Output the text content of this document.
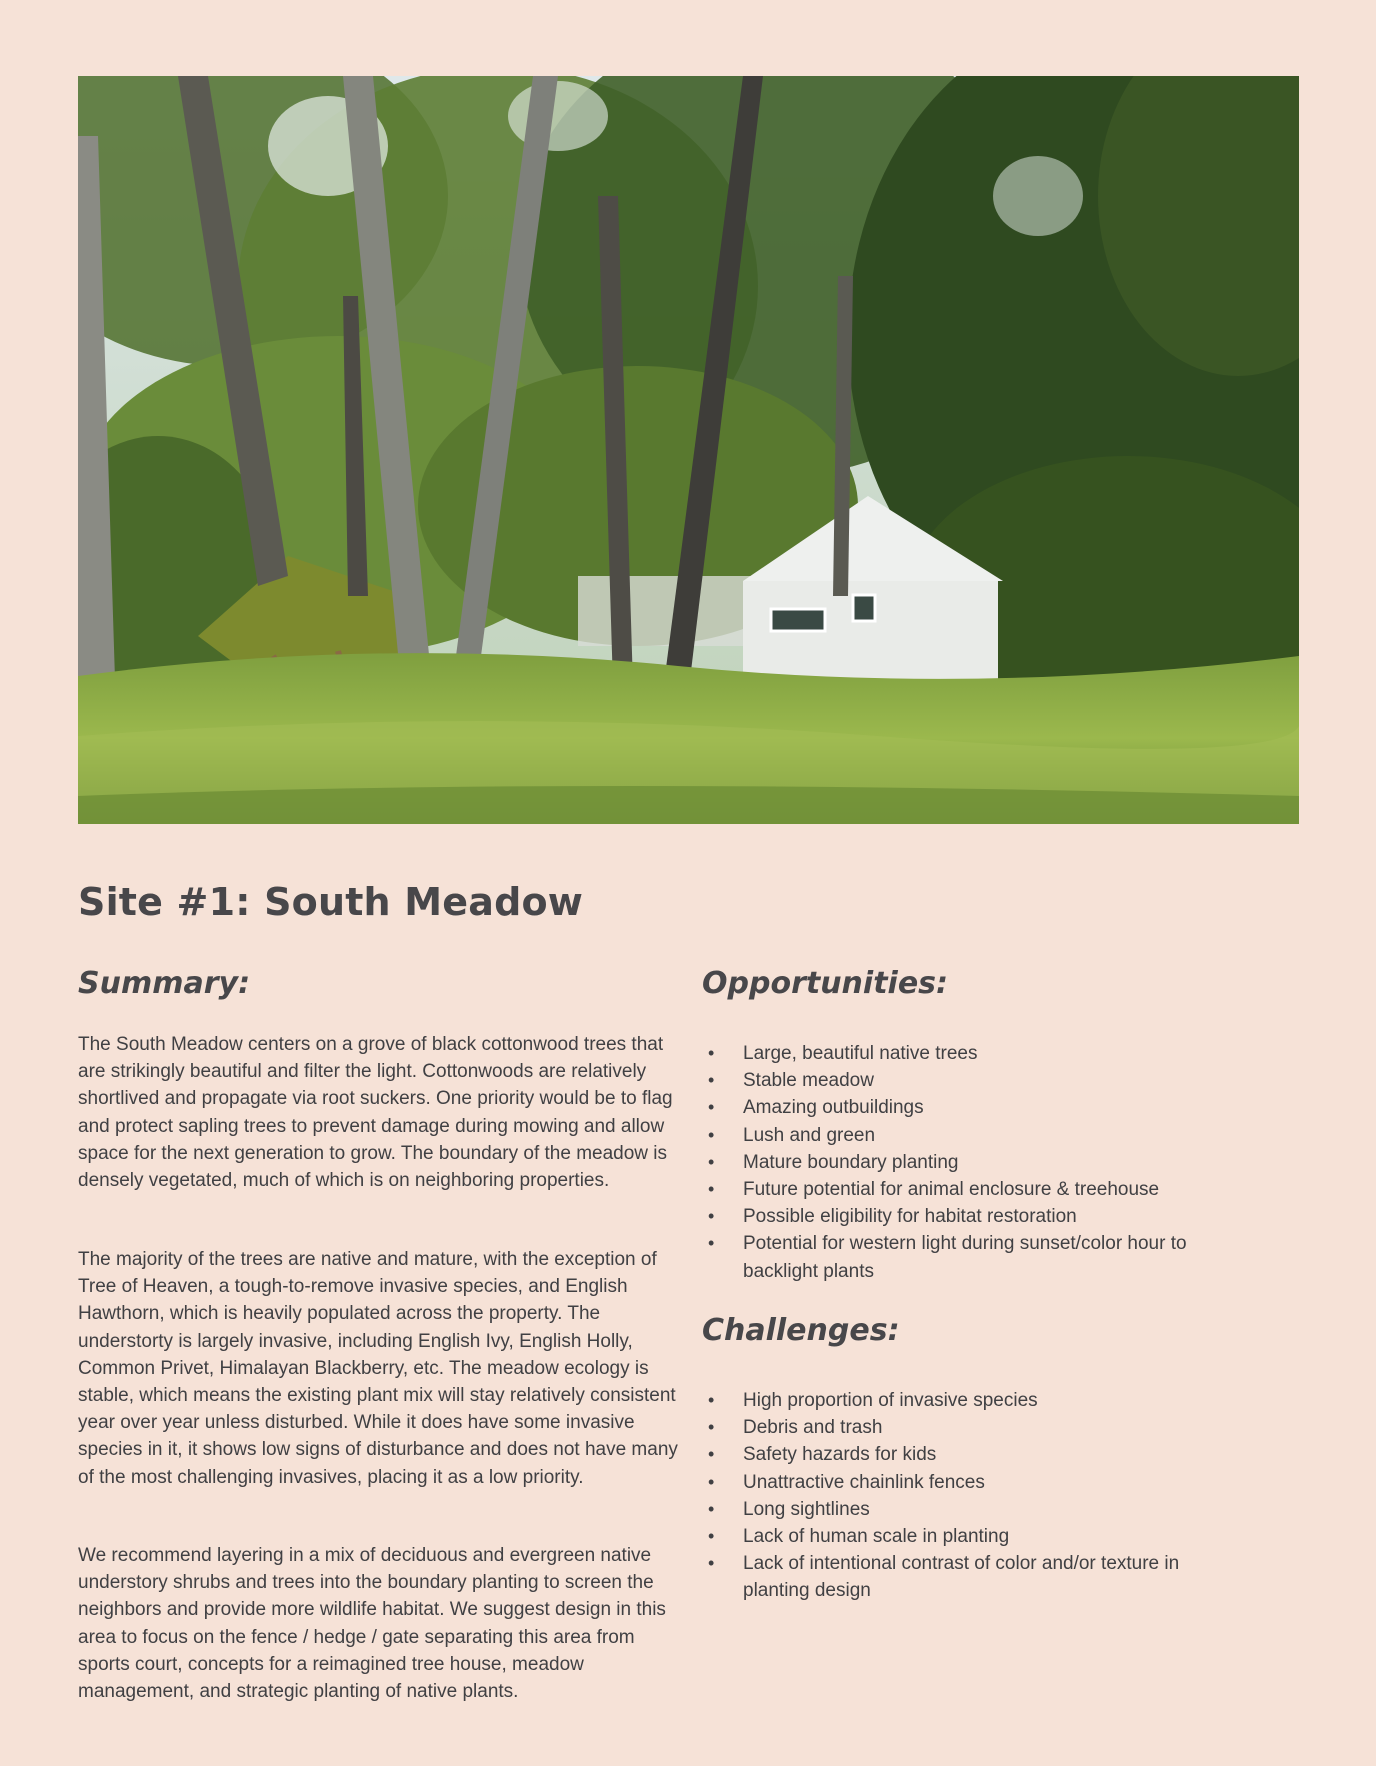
Site #1: South Meadow
Summary:

The South Meadow centers on a grove of black cottonwood trees that are strikingly beautiful and filter the light. Cottonwoods are relatively shortlived and propagate via root suckers. One priority would be to flag and protect sapling trees to prevent damage during mowing and allow space for the next generation to grow. The boundary of the meadow is densely vegetated, much of which is on neighboring properties.

The majority of the trees are native and mature, with the exception of Tree of Heaven, a tough-to-remove invasive species, and English Hawthorn, which is heavily populated across the property. The understorty is largely invasive, including English Ivy, English Holly, Common Privet, Himalayan Blackberry, etc. The meadow ecology is stable, which means the existing plant mix will stay relatively consistent year over year unless disturbed. While it does have some invasive species in it, it shows low signs of disturbance and does not have many of the most challenging invasives, placing it as a low priority.

We recommend layering in a mix of deciduous and evergreen native understory shrubs and trees into the boundary planting to screen the neighbors and provide more wildlife habitat. We suggest design in this area to focus on the fence / hedge / gate separating this area from sports court, concepts for a reimagined tree house, meadow management, and strategic planting of native plants.

Opportunities:
• Large, beautiful native trees
• Stable meadow
• Amazing outbuildings
• Lush and green
• Mature boundary planting
• Future potential for animal enclosure & treehouse
• Possible eligibility for habitat restoration
• Potential for western light during sunset/color hour to backlight plants
Challenges:
• High proportion of invasive species
• Debris and trash
• Safety hazards for kids
• Unattractive chainlink fences
• Long sightlines
• Lack of human scale in planting
• Lack of intentional contrast of color and/or texture in planting design
